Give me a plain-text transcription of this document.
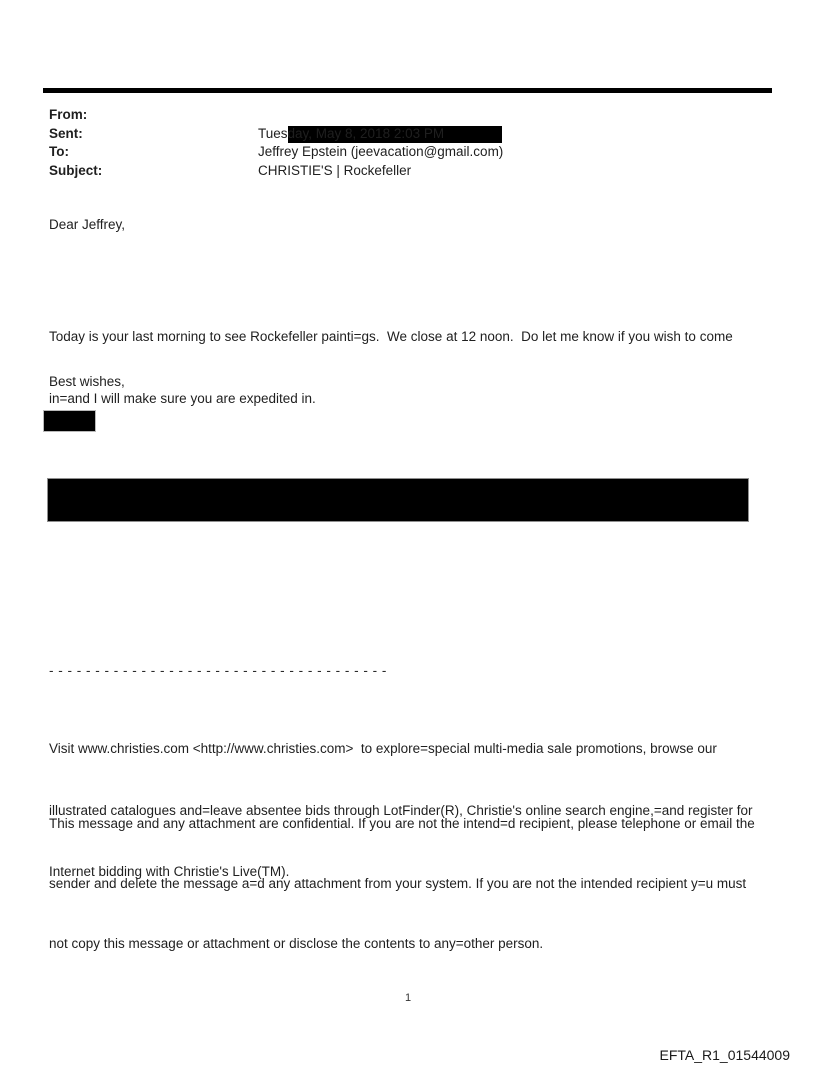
From:

Sent:	Tuesday, May 8, 2018 2:03 PM
To:	Jeffrey Epstein (jeevacation@gmail.com)
Subject:	CHRISTIE'S | Rockefeller
Dear Jeffrey,

Today is your last morning to see Rockefeller painti=gs.  We close at 12 noon.  Do let me know if you wish to come

in=and I will make sure you are expedited in.

Best wishes,
- - - - - - - - - - - - - - - - - - - - - - - - - - - - - - - - - - - - -

Visit www.christies.com <http://www.christies.com>  to explore=special multi-media sale promotions, browse our

illustrated catalogues and=leave absentee bids through LotFinder(R), Christie's online search engine,=and register for

Internet bidding with Christie's Live(TM).

This message and any attachment are confidential. If you are not the intend=d recipient, please telephone or email the

sender and delete the message a=d any attachment from your system. If you are not the intended recipient y=u must

not copy this message or attachment or disclose the contents to any=other person.

1
EFTA_R1_01544009
